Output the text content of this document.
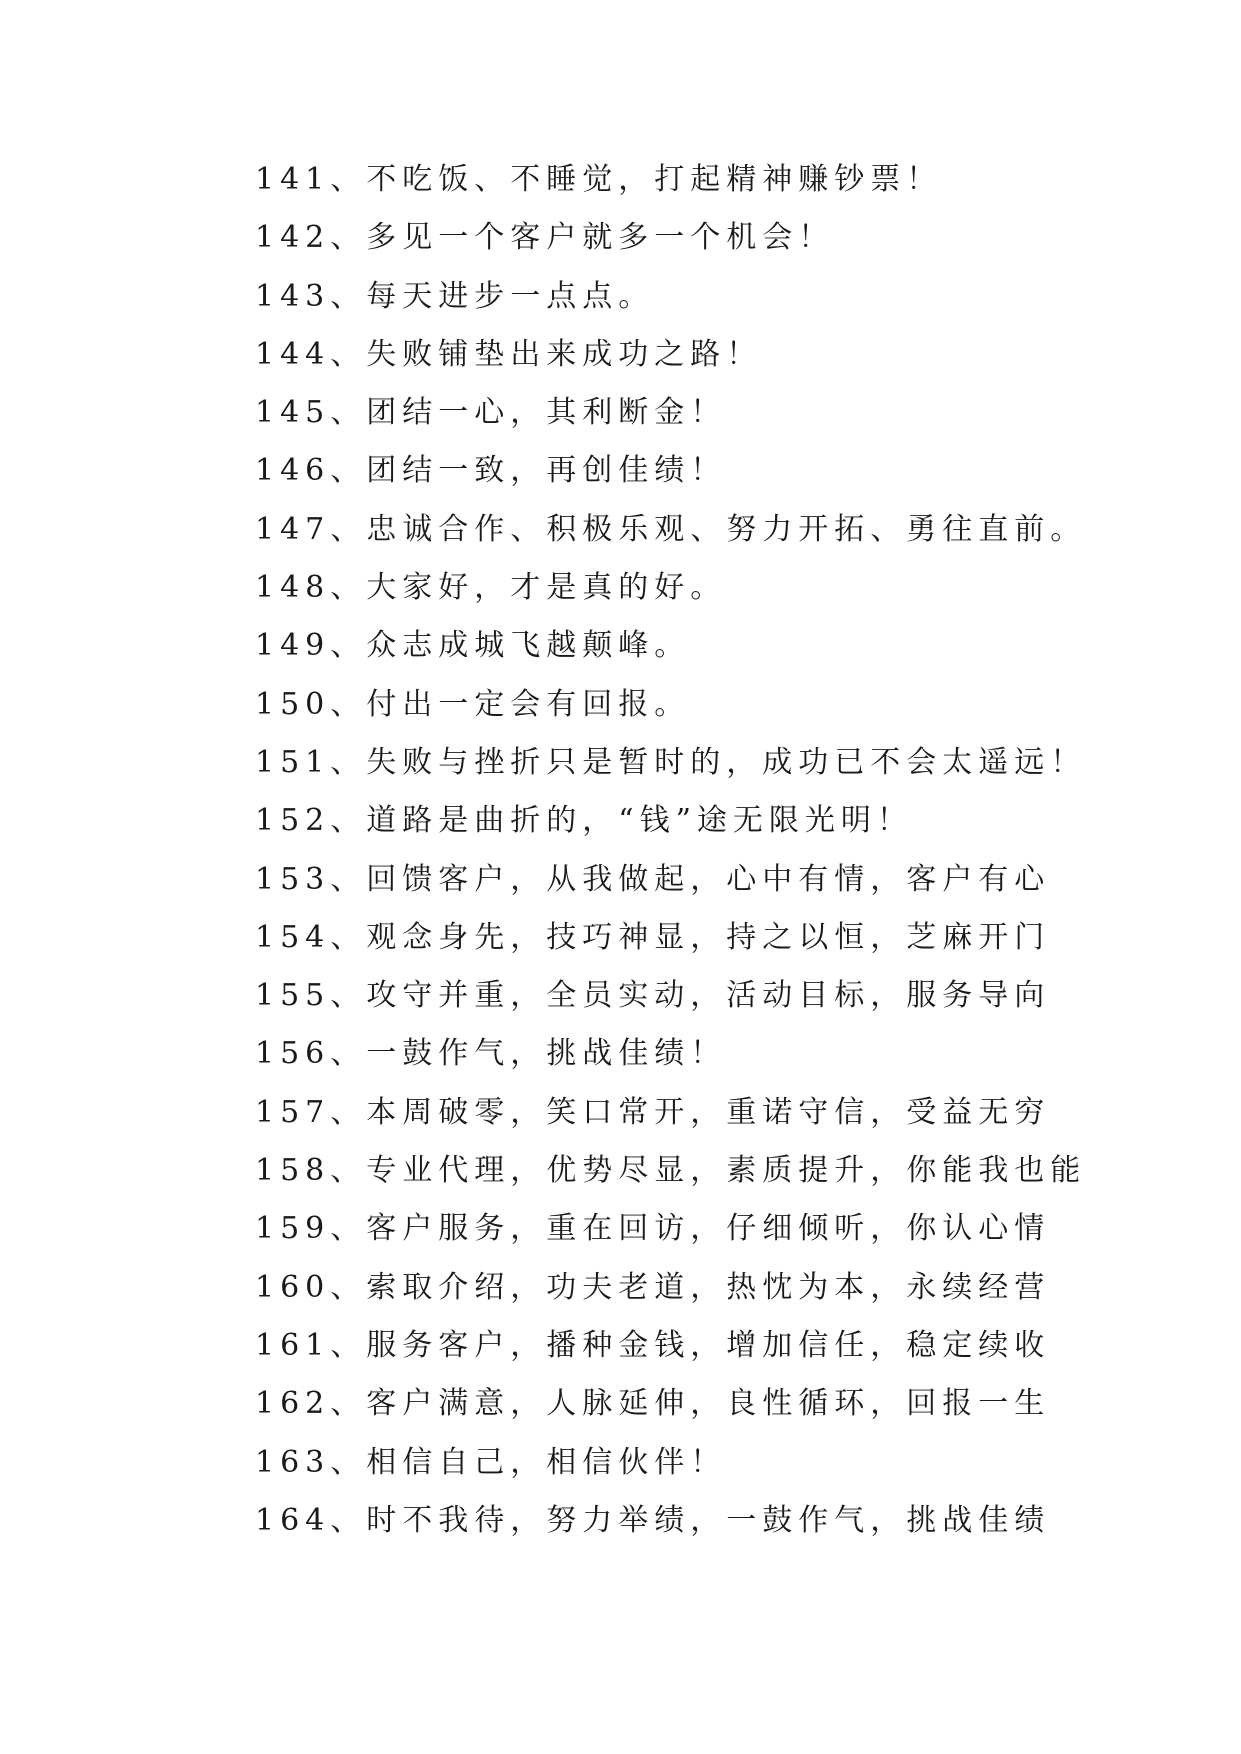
141、不吃饭、不睡觉，打起精神赚钞票！
142、多见一个客户就多一个机会！
143、每天进步一点点。
144、失败铺垫出来成功之路！
145、团结一心，其利断金！
146、团结一致，再创佳绩！
147、忠诚合作、积极乐观、努力开拓、勇往直前。
148、大家好，才是真的好。
149、众志成城飞越颠峰。
150、付出一定会有回报。
151、失败与挫折只是暂时的，成功已不会太遥远！
152、道路是曲折的，“钱”途无限光明！
153、回馈客户，从我做起，心中有情，客户有心
154、观念身先，技巧神显，持之以恒，芝麻开门
155、攻守并重，全员实动，活动目标，服务导向
156、一鼓作气，挑战佳绩！
157、本周破零，笑口常开，重诺守信，受益无穷
158、专业代理，优势尽显，素质提升，你能我也能
159、客户服务，重在回访，仔细倾听，你认心情
160、索取介绍，功夫老道，热忱为本，永续经营
161、服务客户，播种金钱，增加信任，稳定续收
162、客户满意，人脉延伸，良性循环，回报一生
163、相信自己，相信伙伴！
164、时不我待，努力举绩，一鼓作气，挑战佳绩
